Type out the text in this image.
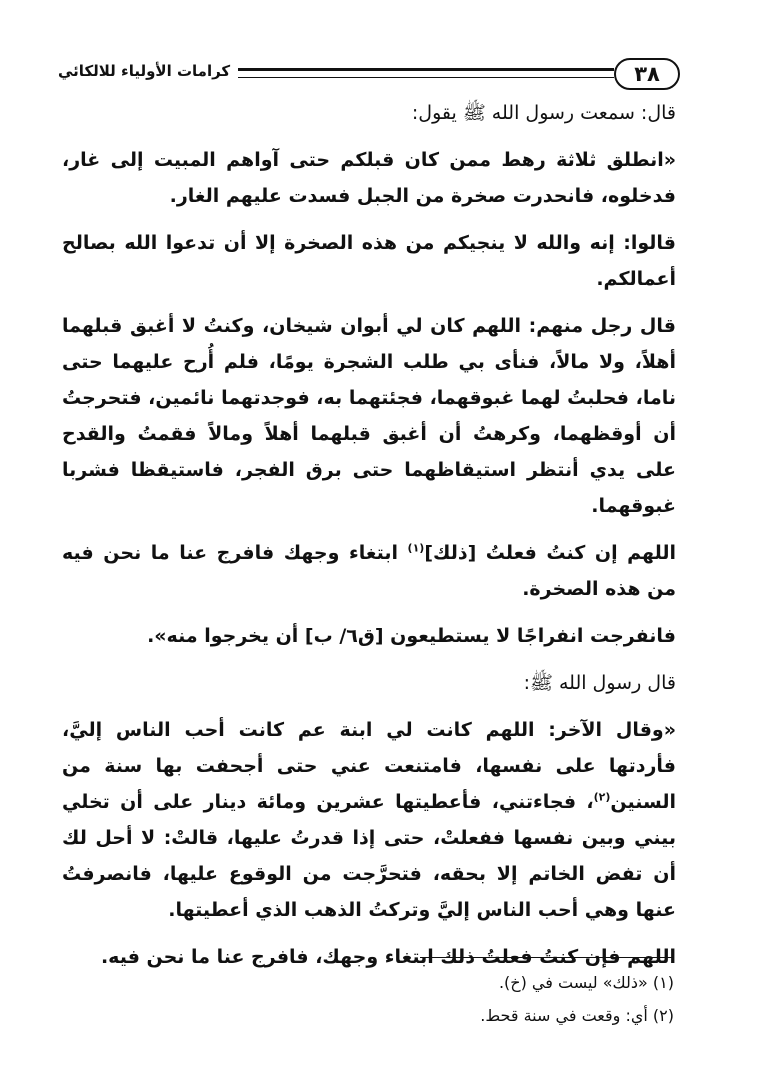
كرامات الأولياء للالكائي	٣٨

قال: سمعت رسول الله ﷺ يقول:

«انطلق ثلاثة رهط ممن كان قبلكم حتى آواهم المبيت إلى غار، فدخلوه، فانحدرت صخرة من الجبل فسدت عليهم الغار.

قالوا: إنه والله لا ينجيكم من هذه الصخرة إلا أن تدعوا الله بصالح أعمالكم.

قال رجل منهم: اللهم كان لي أبوان شيخان، وكنتُ لا أغبق قبلهما أهلاً، ولا مالاً، فنأى بي طلب الشجرة يومًا، فلم أُرح عليهما حتى ناما، فحلبتُ لهما غبوقهما، فجئتهما به، فوجدتهما نائمين، فتحرجتُ أن أوقظهما، وكرهتُ أن أغبق قبلهما أهلاً ومالاً فقمتُ والقدح على يدي أنتظر استيقاظهما حتى برق الفجر، فاستيقظا فشربا غبوقهما.

اللهم إن كنتُ فعلتُ [ذلك]$^{(١)}$ ابتغاء وجهك فافرج عنا ما نحن فيه من هذه الصخرة.

فانفرجت انفراجًا لا يستطيعون [ق٦/ ب] أن يخرجوا منه».

قال رسول الله ﷺ:

«وقال الآخر: اللهم كانت لي ابنة عم كانت أحب الناس إليَّ، فأردتها على نفسها، فامتنعت عني حتى أجحفت بها سنة من السنين$^{(٢)}$، فجاءتني، فأعطيتها عشرين ومائة دينار على أن تخلي بيني وبين نفسها ففعلتْ، حتى إذا قدرتُ عليها، قالتْ: لا أحل لك أن تفض الخاتم إلا بحقه، فتحرَّجت من الوقوع عليها، فانصرفتُ عنها وهي أحب الناس إليَّ وتركتُ الذهب الذي أعطيتها.

اللهم فإن كنتُ فعلتُ ذلك ابتغاء وجهك، فافرج عنا ما نحن فيه.

(١) «ذلك» ليست في (خ).
(٢) أي: وقعت في سنة قحط.
